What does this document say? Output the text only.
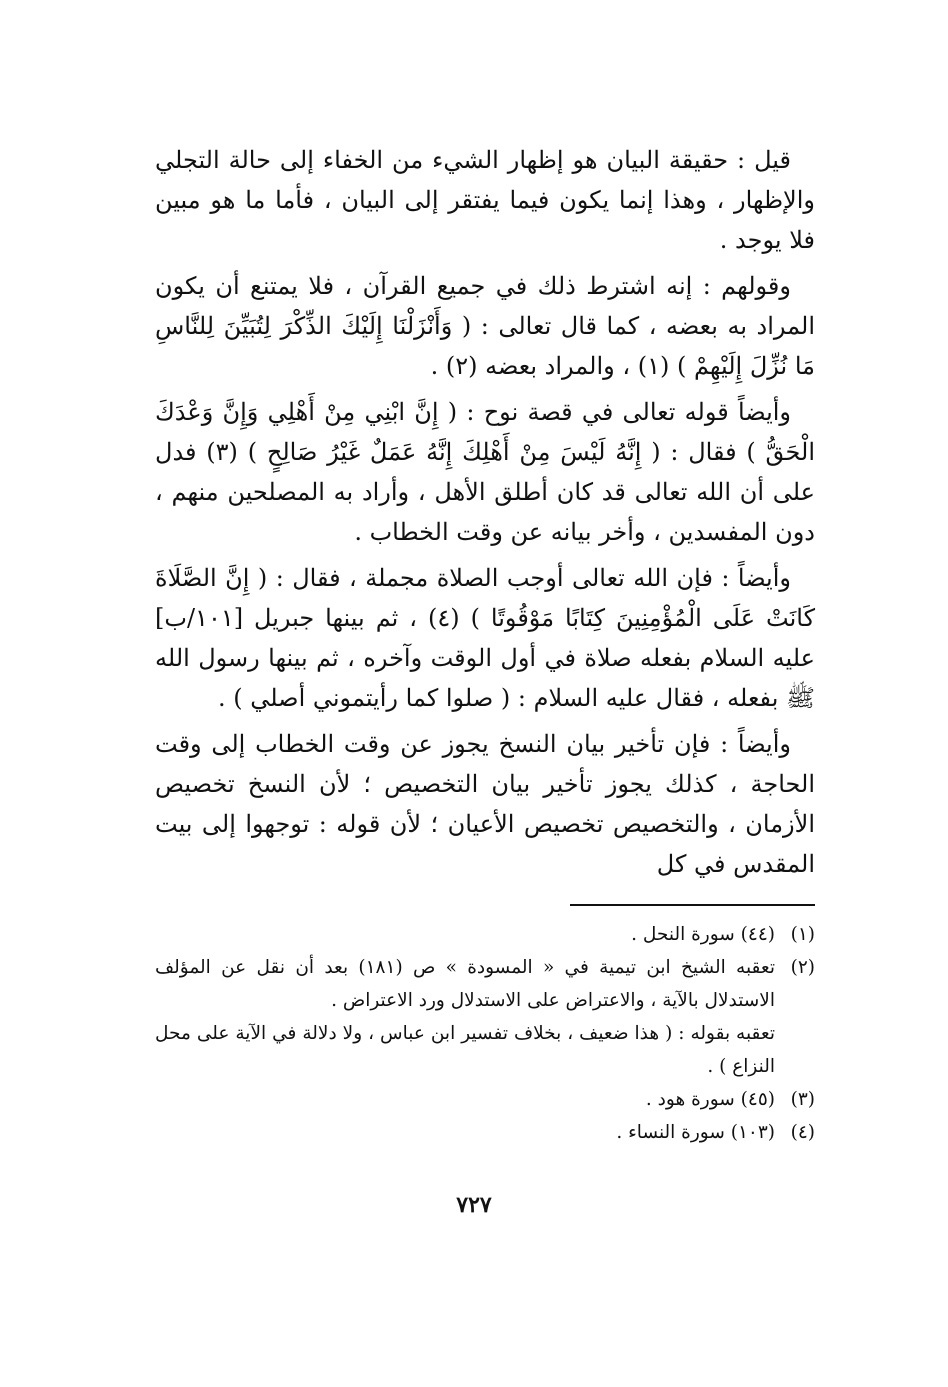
قيل : حقيقة البيان هو إظهار الشيء من الخفاء إلى حالة التجلي والإظهار ، وهذا إنما يكون فيما يفتقر إلى البيان ، فأما ما هو مبين فلا يوجد .

وقولهم : إنه اشترط ذلك في جميع القرآن ، فلا يمتنع أن يكون المراد به بعضه ، كما قال تعالى : ( وَأَنْزَلْنَا إِلَيْكَ الذِّكْرَ لِتُبَيِّنَ لِلنَّاسِ مَا نُزِّلَ إِلَيْهِمْ ) (١) ، والمراد بعضه (٢) .

وأيضاً قوله تعالى في قصة نوح : ( إِنَّ ابْنِي مِنْ أَهْلِي وَإِنَّ وَعْدَكَ الْحَقُّ ) فقال : ( إِنَّهُ لَيْسَ مِنْ أَهْلِكَ إِنَّهُ عَمَلٌ غَيْرُ صَالِحٍ ) (٣) فدل على أن الله تعالى قد كان أطلق الأهل ، وأراد به المصلحين منهم ، دون المفسدين ، وأخر بيانه عن وقت الخطاب .

وأيضاً : فإن الله تعالى أوجب الصلاة مجملة ، فقال : ( إِنَّ الصَّلَاةَ كَانَتْ عَلَى الْمُؤْمِنِينَ كِتَابًا مَوْقُوتًا ) (٤) ، ثم بينها جبريل [١٠١/ب] عليه السلام بفعله صلاة في أول الوقت وآخره ، ثم بينها رسول الله ﷺ بفعله ، فقال عليه السلام : ( صلوا كما رأيتموني أصلي ) .

وأيضاً : فإن تأخير بيان النسخ يجوز عن وقت الخطاب إلى وقت الحاجة ، كذلك يجوز تأخير بيان التخصيص ؛ لأن النسخ تخصيص الأزمان ، والتخصيص تخصيص الأعيان ؛ لأن قوله : توجهوا إلى بيت المقدس في كل

(١)
(٤٤) سورة النحل .
(٢)
تعقبه الشيخ ابن تيمية في « المسودة » ص (١٨١) بعد أن نقل عن المؤلف الاستدلال بالآية ، والاعتراض على الاستدلال ورد الاعتراض .
تعقبه بقوله : ( هذا ضعيف ، بخلاف تفسير ابن عباس ، ولا دلالة في الآية على محل النزاع ) .
(٣)
(٤٥) سورة هود .
(٤)
(١٠٣) سورة النساء .
٧٢٧
